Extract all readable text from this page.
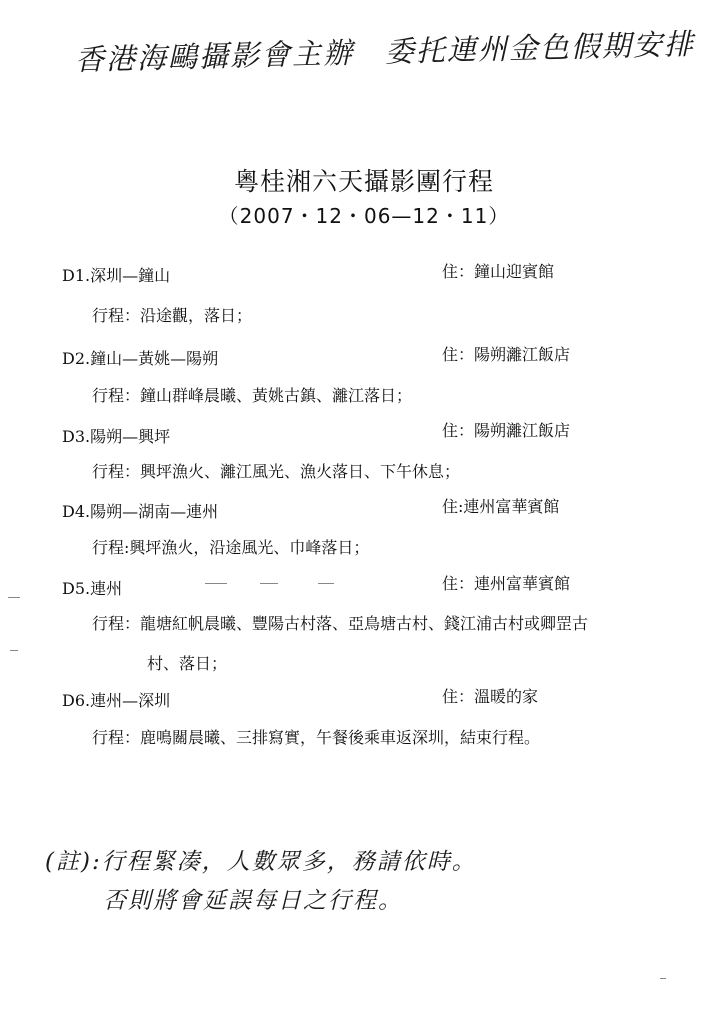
香港海鷗攝影會主辦　委托連州金色假期安排
粵桂湘六天攝影團行程
（2007・12・06—12・11）
D1.深圳—鐘山	住：鐘山迎賓館
行程：沿途觀，落日；
D2.鐘山—黃姚—陽朔	住：陽朔灕江飯店
行程：鐘山群峰晨曦、黃姚古鎮、灕江落日；
D3.陽朔—興坪	住：陽朔灕江飯店
行程：興坪漁火、灕江風光、漁火落日、下午休息；
D4.陽朔—湖南—連州	住:連州富華賓館
行程:興坪漁火，沿途風光、巾峰落日；
D5.連州	住：連州富華賓館
行程：龍塘紅帆晨曦、豐陽古村落、亞鳥塘古村、錢江浦古村或卿罡古
村、落日；
D6.連州—深圳	住：溫暖的家
行程：鹿鳴關晨曦、三排寫實，午餐後乘車返深圳，結束行程。
(註):行程緊凑，人數眾多，務請依時。
否則將會延誤每日之行程。
